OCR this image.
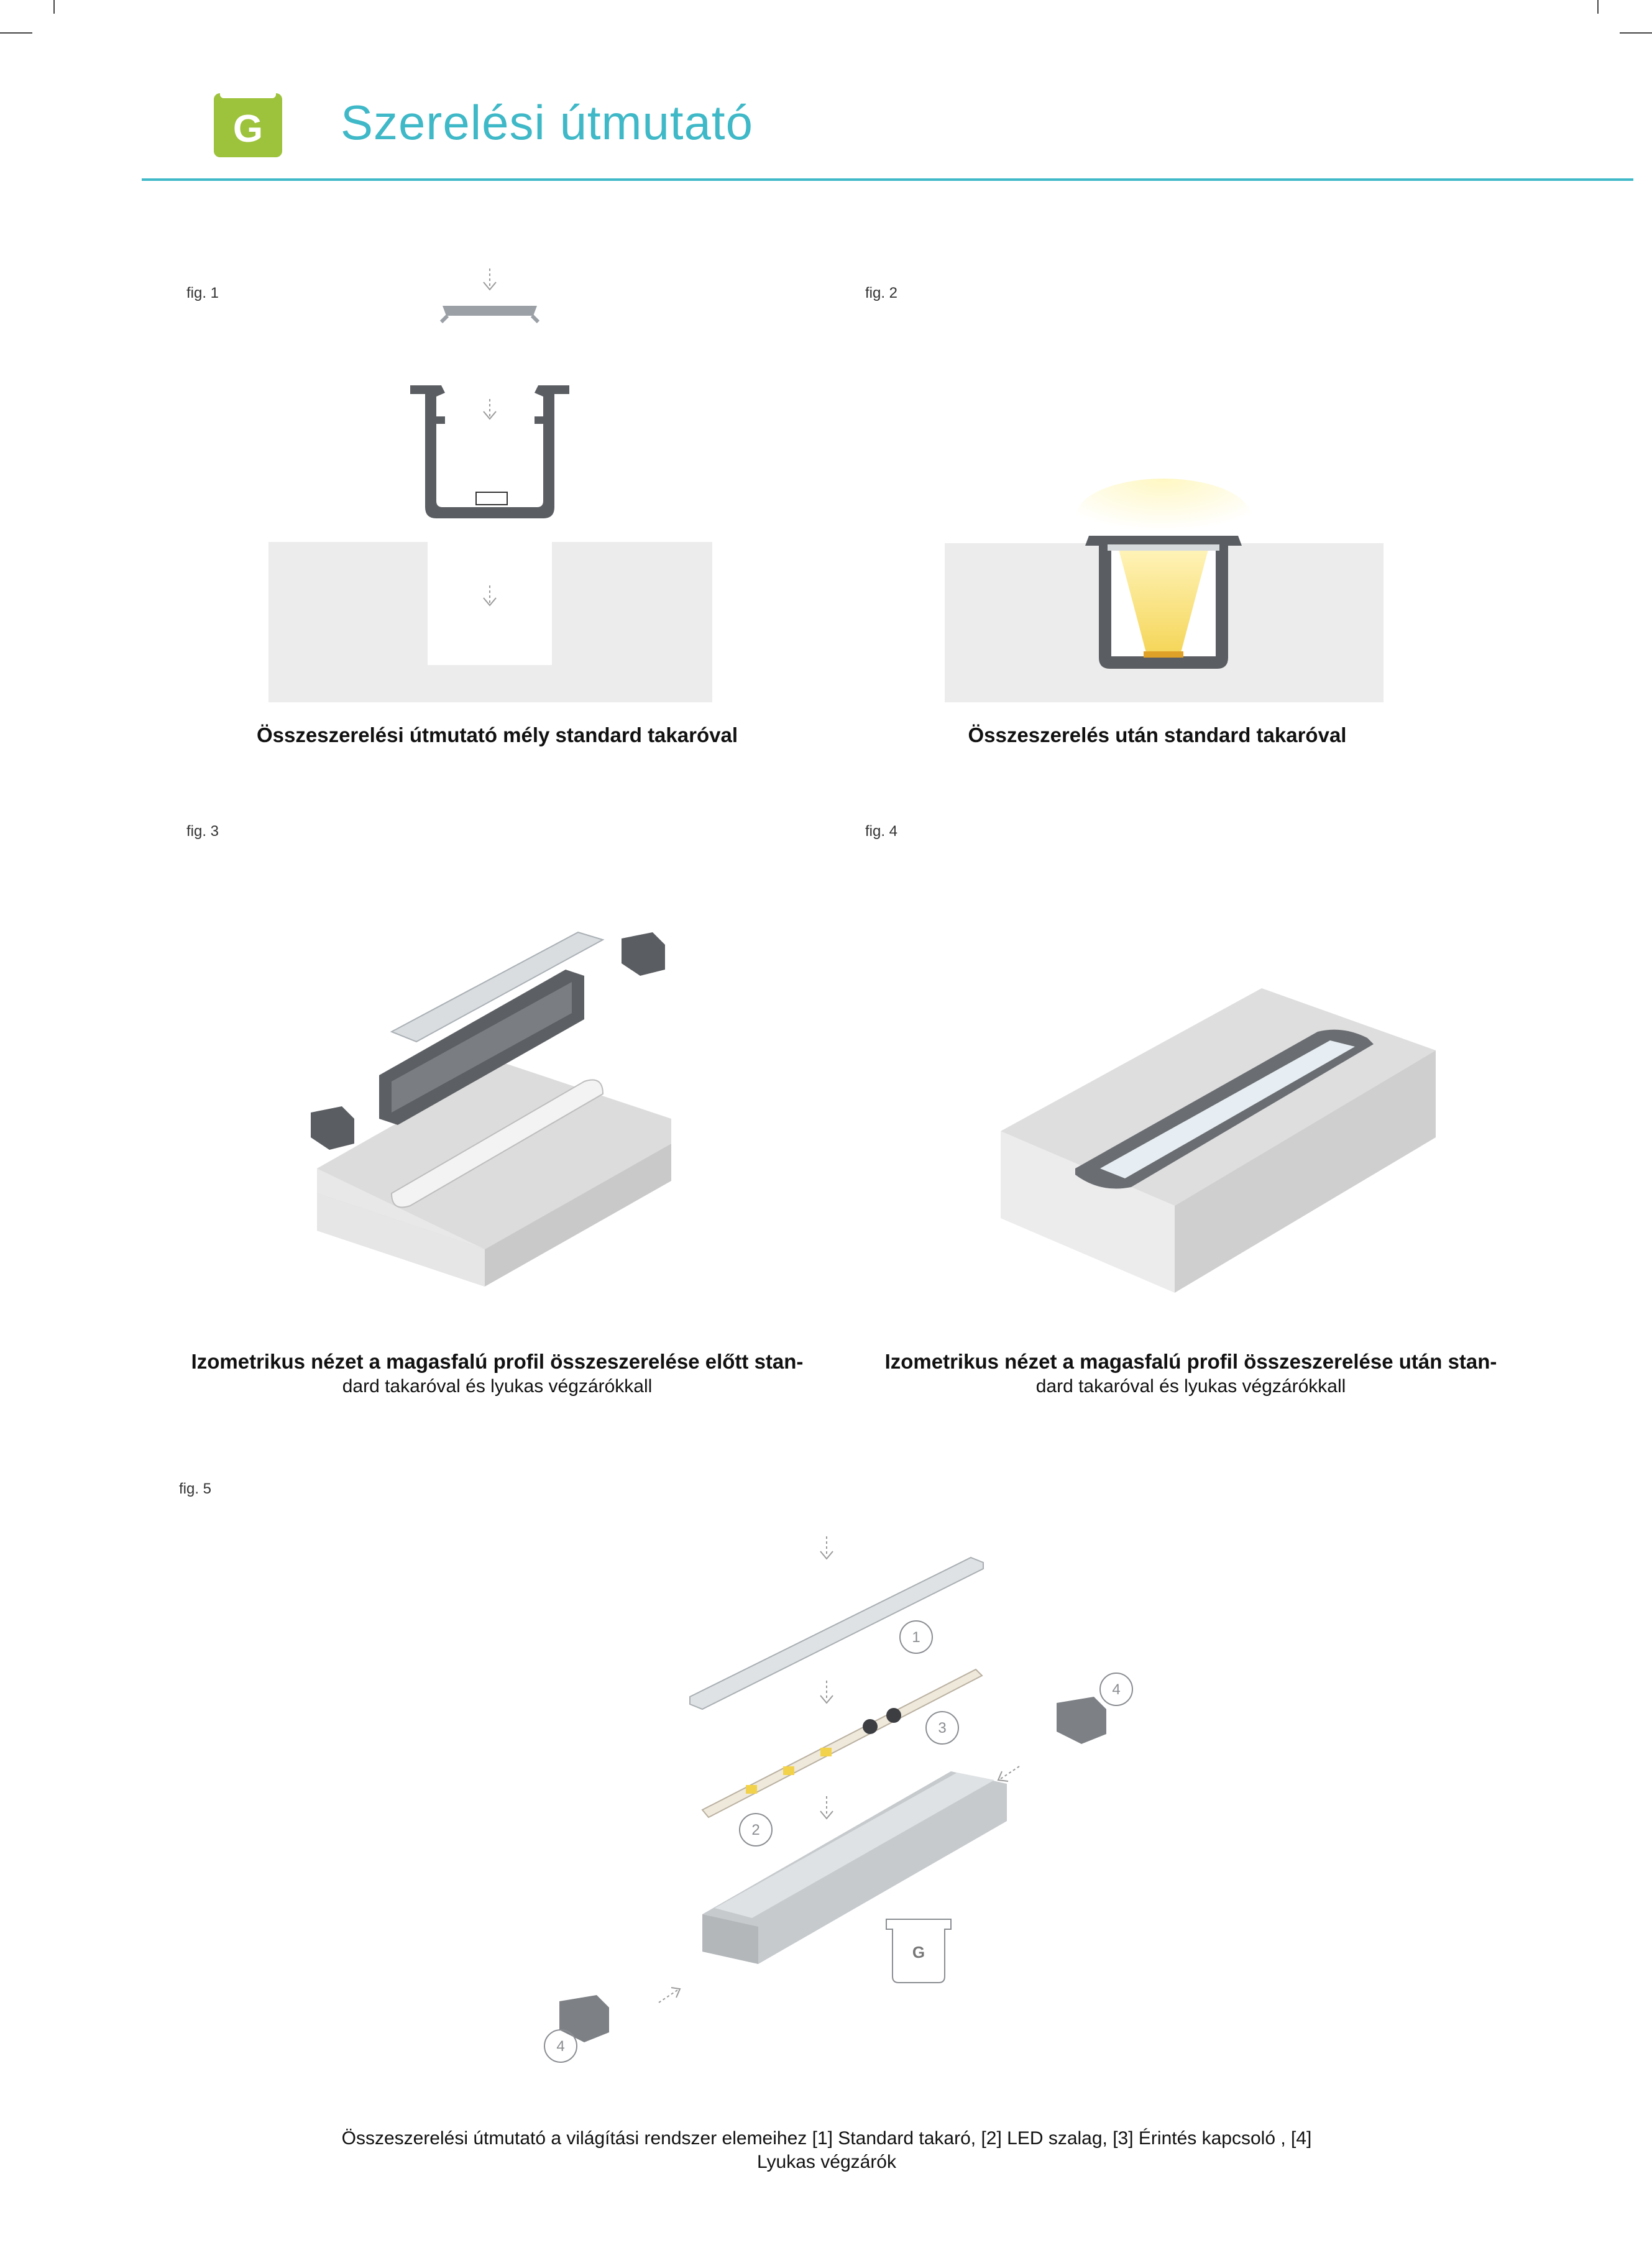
G	Szerelési útmutató
fig. 1
Összeszerelési útmutató mély standard takaróval
fig. 2
Összeszerelés után standard takaróval
fig. 3
Izometrikus nézet a magasfalú profil összeszerelése előtt stan-
dard takaróval és lyukas végzárókkall
fig. 4
Izometrikus nézet a magasfalú profil összeszerelése után stan-
dard takaróval és lyukas végzárókkall
fig. 5
G
1
2
3
4
4
Összeszerelési útmutató a világítási rendszer elemeihez [1] Standard takaró, [2] LED szalag, [3] Érintés kapcsoló , [4]
Lyukas végzárók
